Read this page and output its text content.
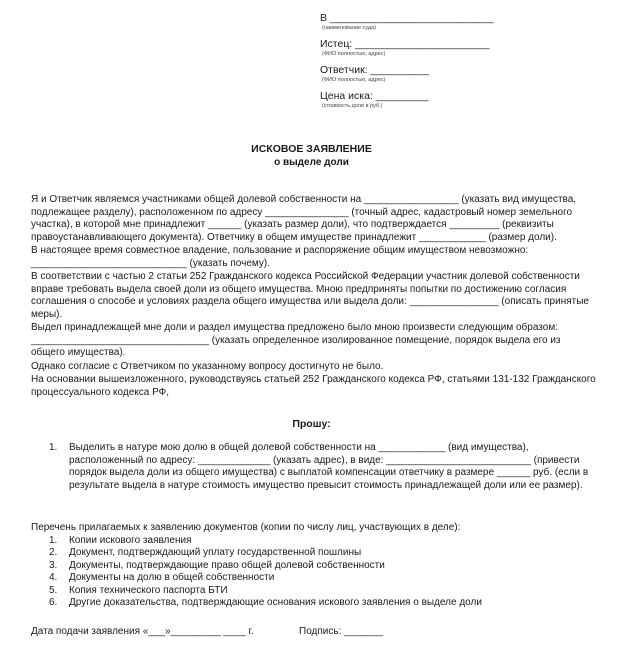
В ____________________________
(наименование суда)
Истец: _______________________
(ФИО полностью, адрес)
Ответчик: __________
(ФИО полностью, адрес)
Цена иска: _________
(стоимость доли в руб.)
ИСКОВОЕ ЗАЯВЛЕНИЕ
о выделе доли

Я и Ответчик являемся участниками общей долевой собственности на _________________ (указать вид имущества, подлежащее разделу), расположенном по адресу _______________ (точный адрес, кадастровый номер земельного участка), в которой мне принадлежит ______ (указать размер доли), что подтверждается _________ (реквизиты правоустанавливающего документа). Ответчику в общем имуществе принадлежит ____________ (размер доли).

В настоящее время совместное владение, пользование и распоряжение общим имуществом невозможно: ____________________________ (указать почему).

В соответствии с частью 2 статьи 252 Гражданского кодекса Российской Федерации участник долевой собственности вправе требовать выдела своей доли из общего имущества. Мною предприняты попытки по достижению согласия соглашения о способе и условиях раздела общего имущества или выдела доли: ________________ (описать принятые меры).

Выдел принадлежащей мне доли и раздел имущества предложено было мною произвести следующим образом: ________________________________ (указать определенное изолированное помещение, порядок выдела его из общего имущества).

Однако согласие с Ответчиком по указанному вопросу достигнуто не было.

На основании вышеизложенного, руководствуясь статьей 252 Гражданского кодекса РФ, статьями 131-132 Гражданского процессуального кодекса РФ,

Прошу:
1. Выделить в натуре мою долю в общей долевой собственности на ____________ (вид имущества), расположенный по адресу: _____________ (указать адрес), в виде: __________________________ (привести порядок выдела доли из общего имущества) с выплатой компенсации ответчику в размере ______ руб. (если в результате выдела в натуре стоимость имущество превысит стоимость принадлежащей доли или ее размер).
Перечень прилагаемых к заявлению документов (копии по числу лиц, участвующих в деле):
1. Копии искового заявления
2. Документ, подтверждающий уплату государственной пошлины
3. Документы, подтверждающие право общей долевой собственности
4. Документы на долю в общей собственности
5. Копия технического паспорта БТИ
6. Другие доказательства, подтверждающие основания искового заявления о выделе доли
Дата подачи заявления «___»_________ ____ г.	Подпись: _______
